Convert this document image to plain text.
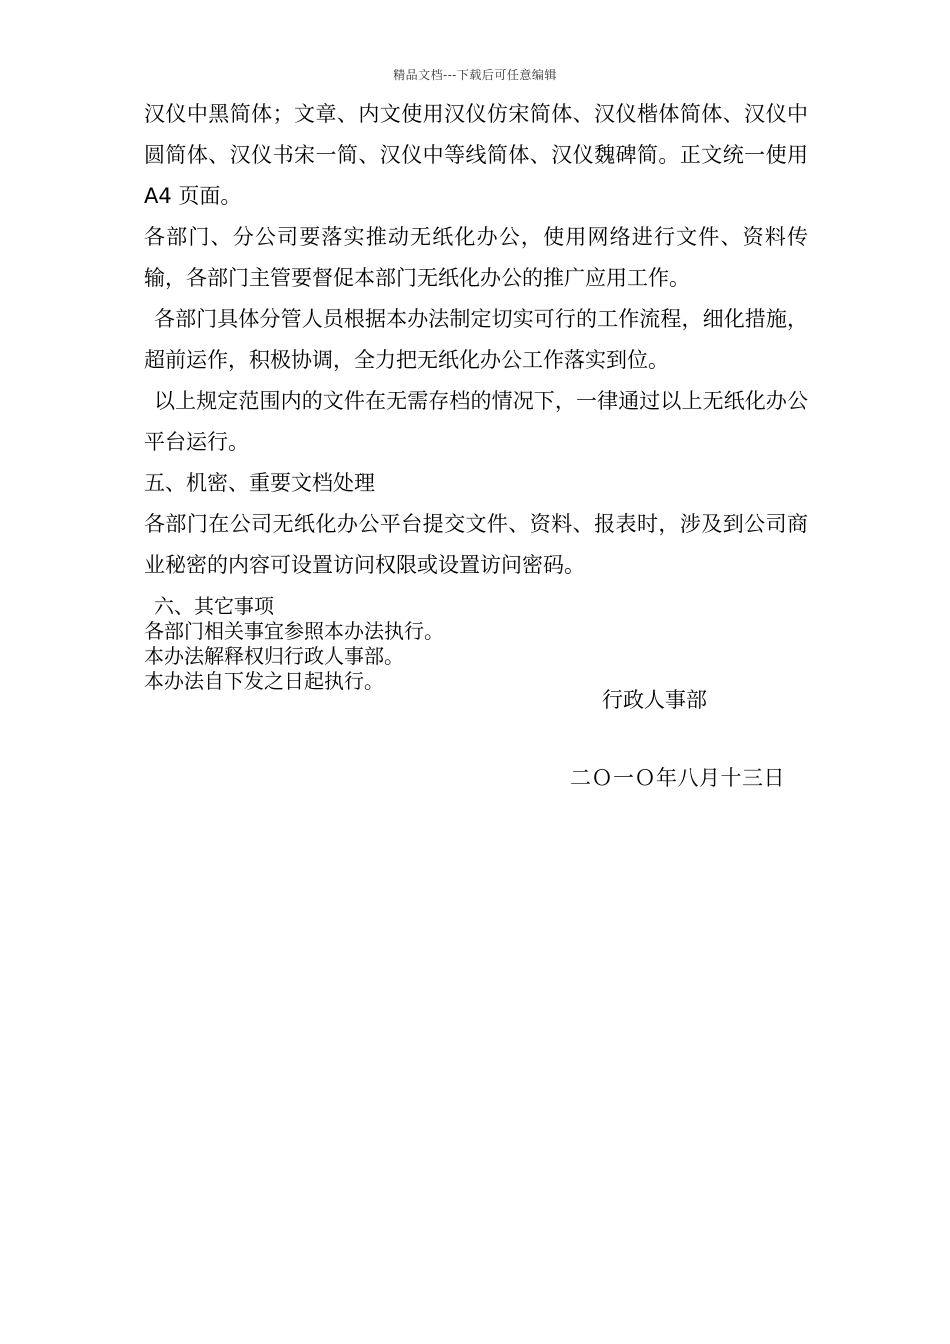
精品文档---下载后可任意编辑

汉仪中黑简体；文章、内文使用汉仪仿宋简体、汉仪楷体简体、汉仪中圆简体、汉仪书宋一简、汉仪中等线简体、汉仪魏碑简。正文统一使用 A4 页面。

各部门、分公司要落实推动无纸化办公，使用网络进行文件、资料传输，各部门主管要督促本部门无纸化办公的推广应用工作。

各部门具体分管人员根据本办法制定切实可行的工作流程，细化措施，超前运作，积极协调，全力把无纸化办公工作落实到位。

以上规定范围内的文件在无需存档的情况下，一律通过以上无纸化办公平台运行。

五、机密、重要文档处理

各部门在公司无纸化办公平台提交文件、资料、报表时，涉及到公司商业秘密的内容可设置访问权限或设置访问密码。

六、其它事项

各部门相关事宜参照本办法执行。

本办法解释权归行政人事部。

本办法自下发之日起执行。

行政人事部
二Ｏ一Ｏ年八月十三日
